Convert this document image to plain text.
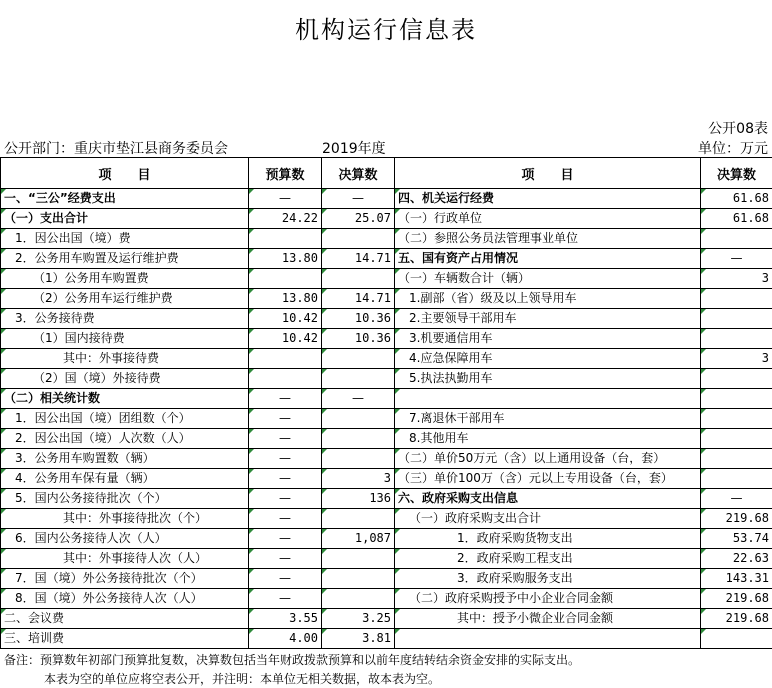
机构运行信息表
公开08表
公开部门：重庆市垫江县商务委员会	2019年度	单位：万元
项　　目	预算数	决算数	项　　目	决算数
一、“三公”经费支出	—	—	四、机关运行经费	61.68
（一）支出合计	24.22	25.07	（一）行政单位	61.68
1．因公出国（境）费			（二）参照公务员法管理事业单位	
2．公务用车购置及运行维护费	13.80	14.71	五、国有资产占用情况	—
（1）公务用车购置费			（一）车辆数合计（辆）	3
（2）公务用车运行维护费	13.80	14.71	1.副部（省）级及以上领导用车	
3．公务接待费	10.42	10.36	2.主要领导干部用车	
（1）国内接待费	10.42	10.36	3.机要通信用车	
其中：外事接待费			4.应急保障用车	3
（2）国（境）外接待费			5.执法执勤用车	
（二）相关统计数	—	—		
1．因公出国（境）团组数（个）	—		7.离退休干部用车	
2．因公出国（境）人次数（人）	—		8.其他用车	
3．公务用车购置数（辆）	—		（二）单价50万元（含）以上通用设备（台，套）	
4．公务用车保有量（辆）	—	3	（三）单价100万（含）元以上专用设备（台，套）	
5．国内公务接待批次（个）	—	136	六、政府采购支出信息	—
其中：外事接待批次（个）	—		（一）政府采购支出合计	219.68
6．国内公务接待人次（人）	—	1,087	1．政府采购货物支出	53.74
其中：外事接待人次（人）	—		2．政府采购工程支出	22.63
7．国（境）外公务接待批次（个）	—		3．政府采购服务支出	143.31
8．国（境）外公务接待人次（人）	—		（二）政府采购授予中小企业合同金额	219.68
二、会议费	3.55	3.25	其中：授予小微企业合同金额	219.68
三、培训费	4.00	3.81		
备注：预算数年初部门预算批复数，决算数包括当年财政拨款预算和以前年度结转结余资金安排的实际支出。
本表为空的单位应将空表公开，并注明：本单位无相关数据，故本表为空。
